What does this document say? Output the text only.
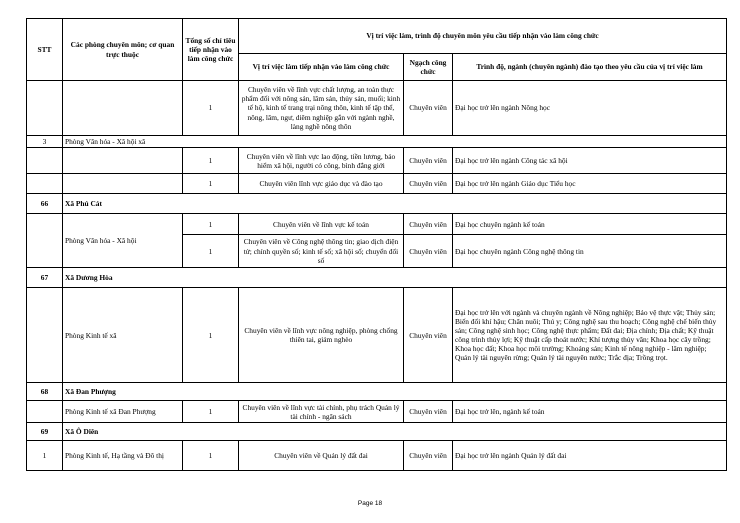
STT	Các phòng chuyên môn; cơ quan trực thuộc	Tổng số chỉ tiêu tiếp nhận vào làm công chức	Vị trí việc làm, trình độ chuyên môn yêu cầu tiếp nhận vào làm công chức		
			Vị trí việc làm tiếp nhận vào làm công chức	Ngạch công chức	Trình độ, ngành (chuyên ngành) đào tạo theo yêu cầu của vị trí việc làm
		1	Chuyên viên về lĩnh vực chất lượng, an toàn thực phẩm đối với nông sản, lâm sản, thủy sản, muối; kinh tế hộ, kinh tế trang trại nông thôn, kinh tế tập thể, nông, lâm, ngư, diêm nghiệp gắn với ngành nghề, làng nghề nông thôn	Chuyên viên	Đại học trở lên ngành Nông học
3	Phòng Văn hóa - Xã hội xã				
		1	Chuyên viên về lĩnh vực lao động, tiền lương, bảo hiểm xã hội, người có công, bình đẳng giới	Chuyên viên	Đại học trở lên ngành Công tác xã hội
		1	Chuyên viên lĩnh vực giáo dục và đào tạo	Chuyên viên	Đại học trở lên ngành Giáo dục Tiểu học
66	Xã Phú Cát				
	Phòng Văn hóa - Xã hội	1	Chuyên viên về lĩnh vực kế toán	Chuyên viên	Đại học chuyên ngành kế toán
		1	Chuyên viên về Công nghệ thông tin; giao dịch điện tử; chính quyền số; kinh tế số; xã hội số; chuyển đổi số	Chuyên viên	Đại học chuyên ngành Công nghệ thông tin
67	Xã Dương Hòa				
	Phòng Kinh tế xã	1	Chuyên viên về lĩnh vực nông nghiệp, phòng chống thiên tai, giảm nghèo	Chuyên viên	Đại học trở lên với ngành và chuyên ngành về Nông nghiệp; Bảo vệ thực vật; Thủy sản; Biến đổi khí hậu; Chăn nuôi; Thú y; Công nghệ sau thu hoạch; Công nghệ chế biến thủy sản; Công nghệ sinh học; Công nghệ thực phẩm; Đất đai; Địa chính; Địa chất; Kỹ thuật công trình thủy lợi; Kỹ thuật cấp thoát nước; Khí tượng thủy văn; Khoa học cây trồng; Khoa học đất; Khoa học môi trường; Khoáng sản; Kinh tế nông nghiệp - lâm nghiệp; Quản lý tài nguyên rừng; Quản lý tài nguyên nước; Trắc địa; Trồng trọt.
68	Xã Đan Phượng				
	Phòng Kinh tế xã Đan Phượng	1	Chuyên viên về lĩnh vực tài chính, phụ trách Quản lý tài chính - ngân sách	Chuyên viên	Đại học trở lên, ngành kế toán
69	Xã Ô Diên				
1	Phòng Kinh tế, Hạ tầng và Đô thị	1	Chuyên viên về Quản lý đất đai	Chuyên viên	Đại học trở lên ngành Quản lý đất đai
Page 18
